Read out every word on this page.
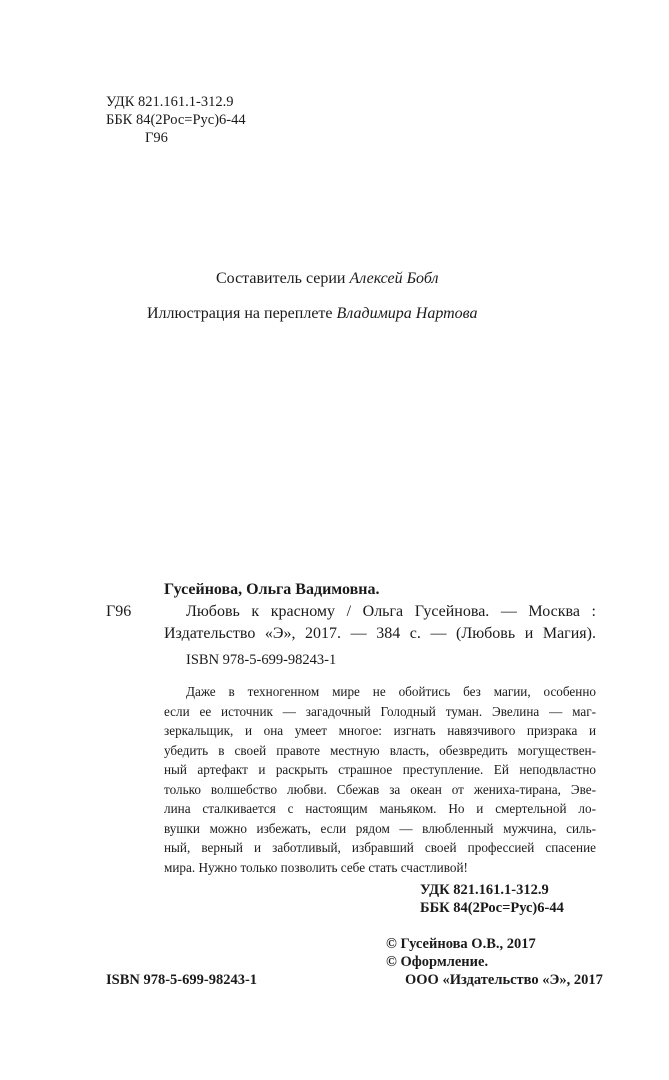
УДК 821.161.1-312.9
ББК 84(2Рос=Рус)6-44
Г96
Составитель серии Алексей Бобл
Иллюстрация на переплете Владимира Нартова
Гусейнова, Ольга Вадимовна.
Г96	Любовь к красному / Ольга Гусейнова. — Москва :
Издательство «Э», 2017. — 384 с. — (Любовь и Магия).
ISBN 978-5-699-98243-1
Даже в техногенном мире не обойтись без магии, особенно
если ее источник — загадочный Голодный туман. Эвелина — маг-
зеркальщик, и она умеет многое: изгнать навязчивого призрака и
убедить в своей правоте местную власть, обезвредить могуществен-
ный артефакт и раскрыть страшное преступление. Ей неподвластно
только волшебство любви. Сбежав за океан от жениха-тирана, Эве-
лина сталкивается с настоящим маньяком. Но и смертельной ло-
вушки можно избежать, если рядом — влюбленный мужчина, силь-
ный, верный и заботливый, избравший своей профессией спасение
мира. Нужно только позволить себе стать счастливой!
УДК 821.161.1-312.9
ББК 84(2Рос=Рус)6-44
© Гусейнова О.В., 2017
© Оформление.
ООО «Издательство «Э», 2017
ISBN 978-5-699-98243-1
